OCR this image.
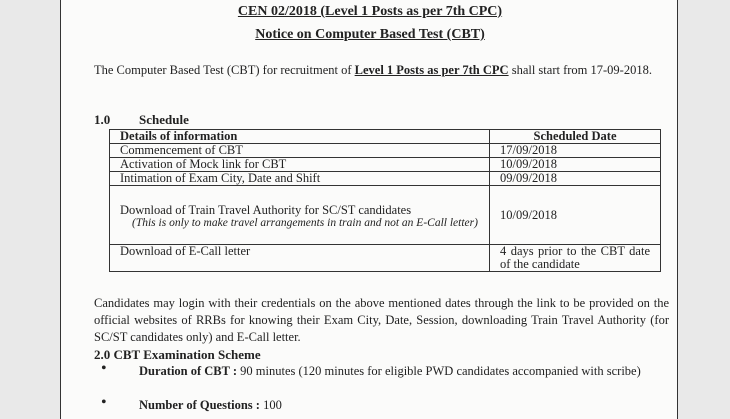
CEN 02/2018 (Level 1 Posts as per 7th CPC)
Notice on Computer Based Test (CBT)
The Computer Based Test (CBT) for recruitment of Level 1 Posts as per 7th CPC shall start from 17-09-2018.
1.0 Schedule
Details of information	Scheduled Date
Commencement of CBT	17/09/2018
Activation of Mock link for CBT	10/09/2018
Intimation of Exam City, Date and Shift	09/09/2018

Download of Train Travel Authority for SC/ST candidates
(This is only to make travel arrangements in train and not an E-Call letter)	10/09/2018
Download of E-Call letter	4 days prior to the CBT date of the candidate
Candidates may login with their credentials on the above mentioned dates through the link to be provided on the official websites of RRBs for knowing their Exam City, Date, Session, downloading Train Travel Authority (for SC/ST candidates only) and E-Call letter.
2.0 CBT Examination Scheme
•	Duration of CBT : 90 minutes (120 minutes for eligible PWD candidates accompanied with scribe)
•	Number of Questions : 100
